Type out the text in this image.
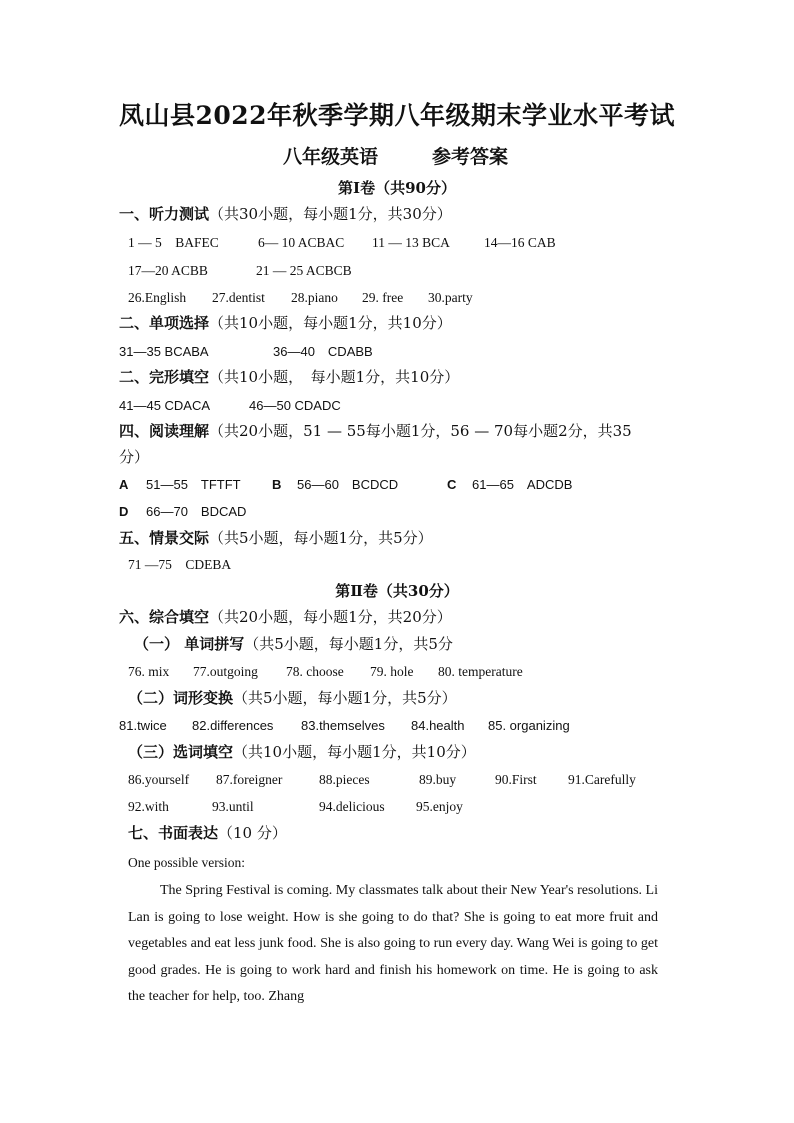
凤山县2022年秋季学期八年级期末学业水平考试
八年级英语	参考答案
第Ⅰ卷（共90分）
一、听力测试（共30小题，每小题1分，共30分）
1 — 5　BAFEC	6— 10 ACBAC 11 — 13 BCA	14—16 CAB
17—20 ACBB	21 — 25 ACBCB
26.English 27.dentist 28.piano 29. free 30.party
二、单项选择（共10小题，每小题1分，共10分）
31—35 BCABA	36—40　CDABB
二、完形填空（共10小题，　每小题1分，共10分）
41—45 CDACA	46—50 CDADC
四、阅读理解（共20小题，51 — 55每小题1分，56 — 70每小题2分，共35
分）
A 51—55　TFTFT B 56—60　BCDCD	C 61—65　ADCDB
D 66—70　BDCAD
五、情景交际（共5小题，每小题1分，共5分）
71 —75　CDEBA
第Ⅱ卷（共30分）
六、综合填空（共20小题，每小题1分，共20分）
（一） 单词拼写（共5小题，每小题1分，共5分
76. mix 77.outgoing 78. choose 79. hole 80. temperature
（二）词形变换（共5小题，每小题1分，共5分）
81.twice 82.differences 83.themselves 84.health 85. organizing
（三）选词填空（共10小题，每小题1分，共10分）
86.yourself 87.foreigner	88.pieces	89.buy	90.First 91.Carefully
92.with	93.until	94.delicious 95.enjoy
七、书面表达（10 分）
One possible version:
The Spring Festival is coming. My classmates talk about their New Year's resolutions. Li Lan is going to lose weight. How is she going to do that? She is going to eat more fruit and vegetables and eat less junk food. She is also going to run every day. Wang Wei is going to get good grades. He is going to work hard and finish his homework on time. He is going to ask the teacher for help, too. Zhang
